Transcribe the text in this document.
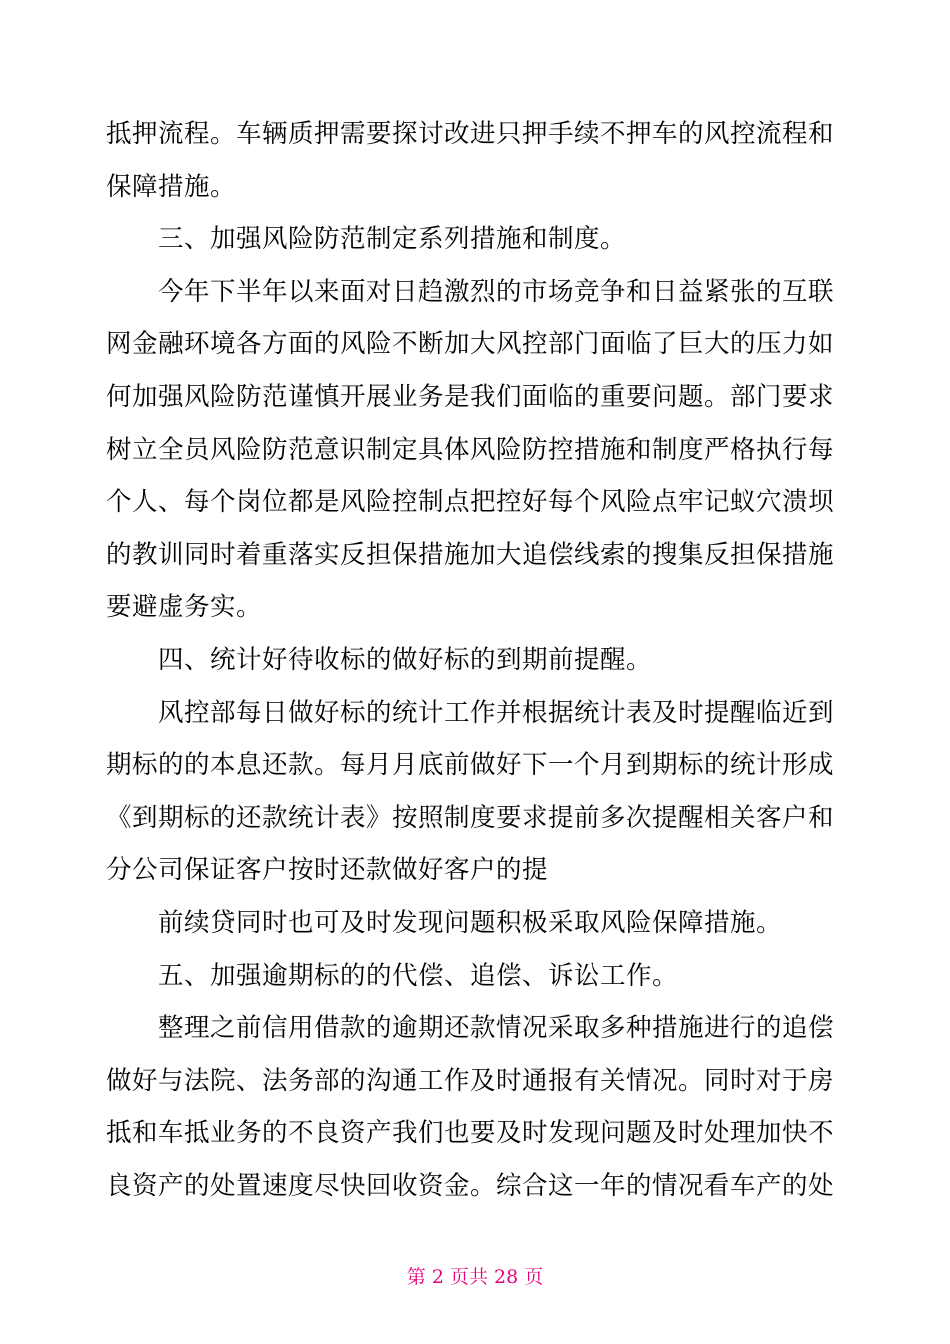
抵押流程。车辆质押需要探讨改进只押手续不押车的风控流程和
保障措施。
三、加强风险防范制定系列措施和制度。
今年下半年以来面对日趋激烈的市场竞争和日益紧张的互联
网金融环境各方面的风险不断加大风控部门面临了巨大的压力如
何加强风险防范谨慎开展业务是我们面临的重要问题。部门要求
树立全员风险防范意识制定具体风险防控措施和制度严格执行每
个人、每个岗位都是风险控制点把控好每个风险点牢记蚁穴溃坝
的教训同时着重落实反担保措施加大追偿线索的搜集反担保措施
要避虚务实。
四、统计好待收标的做好标的到期前提醒。
风控部每日做好标的统计工作并根据统计表及时提醒临近到
期标的的本息还款。每月月底前做好下一个月到期标的统计形成
《到期标的还款统计表》按照制度要求提前多次提醒相关客户和
分公司保证客户按时还款做好客户的提
前续贷同时也可及时发现问题积极采取风险保障措施。
五、加强逾期标的的代偿、追偿、诉讼工作。
整理之前信用借款的逾期还款情况采取多种措施进行的追偿
做好与法院、法务部的沟通工作及时通报有关情况。同时对于房
抵和车抵业务的不良资产我们也要及时发现问题及时处理加快不
良资产的处置速度尽快回收资金。综合这一年的情况看车产的处
第 2 页共 28 页
